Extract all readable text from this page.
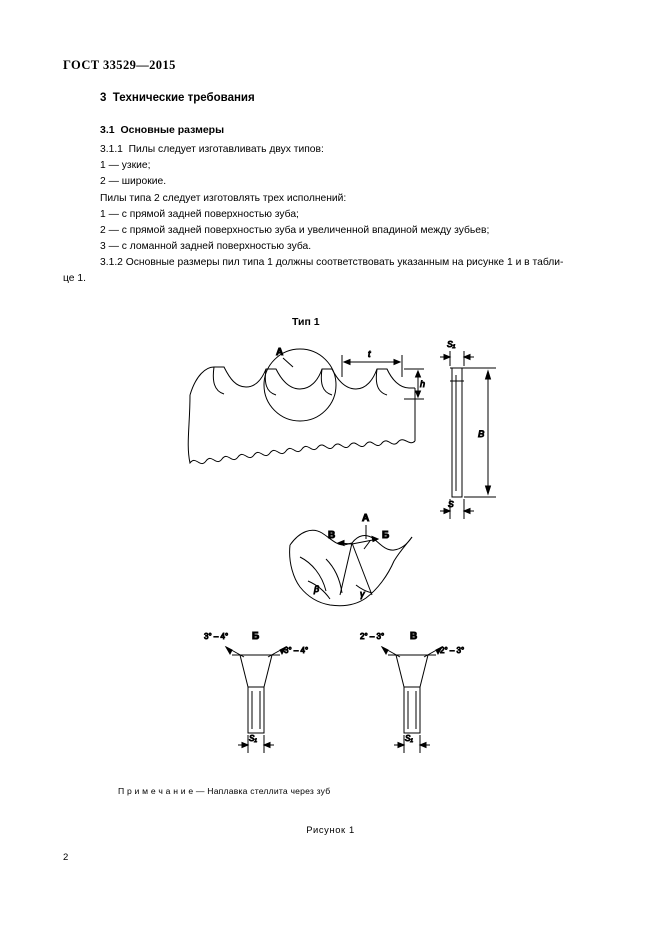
ГОСТ 33529—2015
3 Технические требования
3.1 Основные размеры

3.1.1  Пилы следует изготавливать двух типов:

1 — узкие;

2 — широкие.

Пилы типа 2 следует изготовлять трех исполнений:

1 — с прямой задней поверхностью зуба;

2 — с прямой задней поверхностью зуба и увеличенной впадиной между зубьев;

3 — с ломанной задней поверхностью зуба.

3.1.2 Основные размеры пил типа 1 должны соответствовать указанным на рисунке 1 и в табли-
це 1.
A	t
h
S₁
B
S
β	γ
A
B	Б
Б
3° – 4°
3° – 4°
S₁
В
2° – 3°
2° – 3°
S₁
Тип 1
П р и м е ч а н и е — Наплавка стеллита через зуб
Рисунок 1
2
